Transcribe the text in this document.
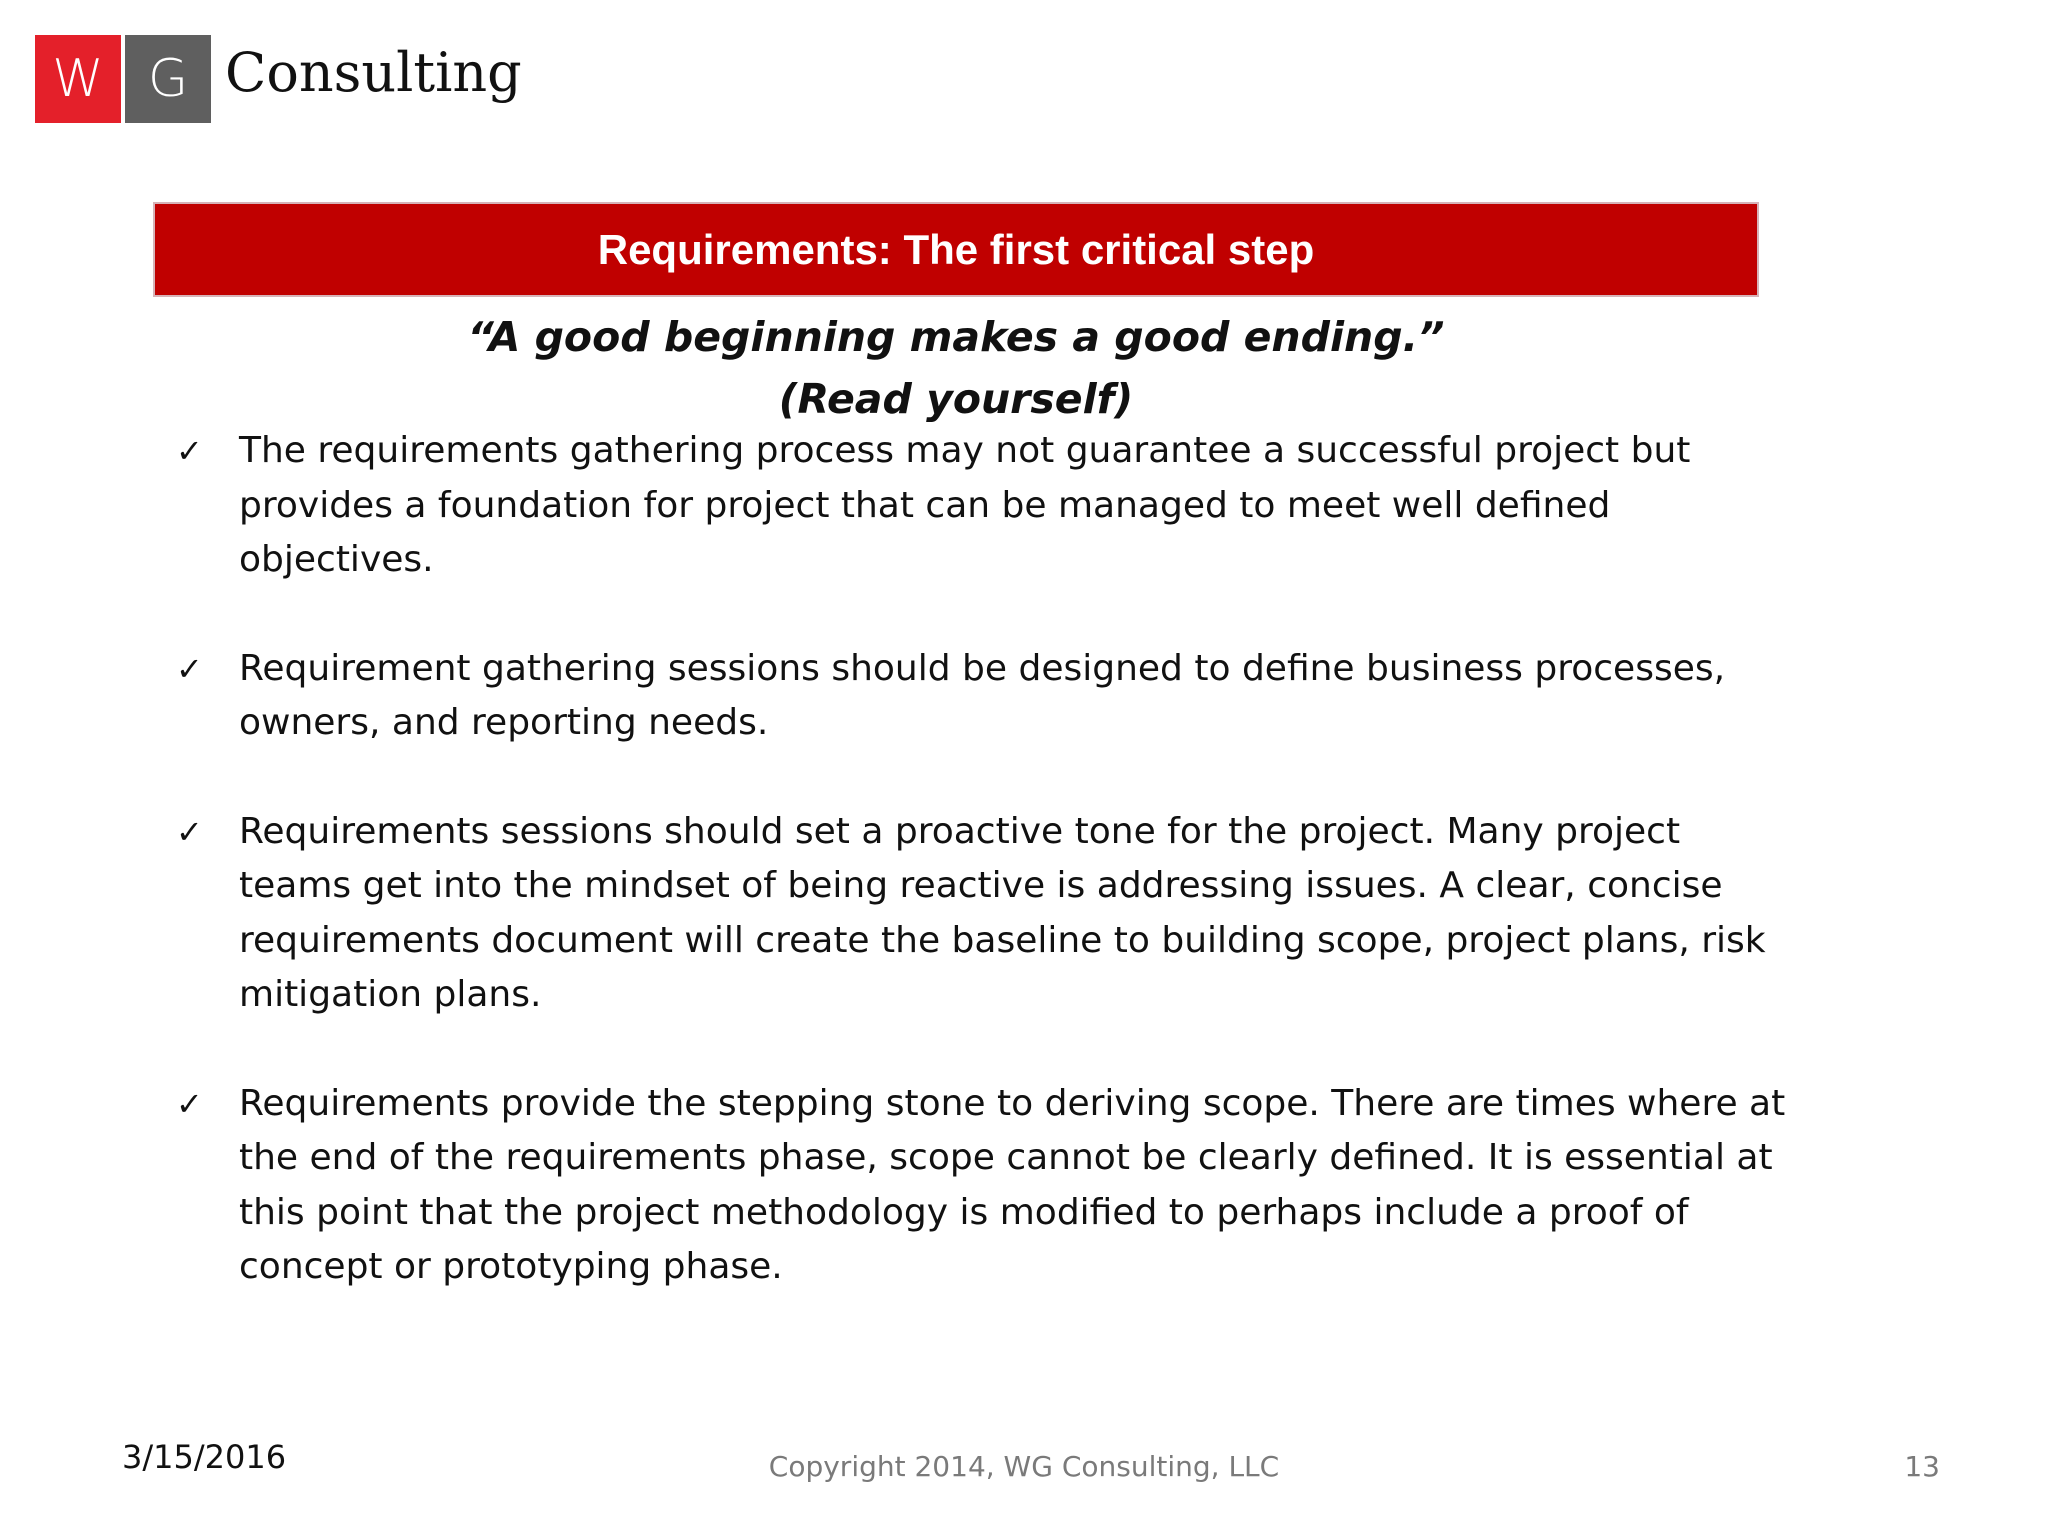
W G Consulting
Requirements: The first critical step
“A good beginning makes a good ending.”
(Read yourself)
✓	The requirements gathering process may not guarantee a successful project but provides a foundation for project that can be managed to meet well defined objectives.
✓	Requirement gathering sessions should be designed to define business processes, owners, and reporting needs.
✓	Requirements sessions should set a proactive tone for the project. Many project teams get into the mindset of being reactive is addressing issues. A clear, concise requirements document will create the baseline to building scope, project plans, risk mitigation plans.
✓	Requirements provide the stepping stone to deriving scope. There are times where at the end of the requirements phase, scope cannot be clearly defined. It is essential at this point that the project methodology is modified to perhaps include a proof of concept or prototyping phase.
3/15/2016	Copyright 2014, WG Consulting, LLC	13
